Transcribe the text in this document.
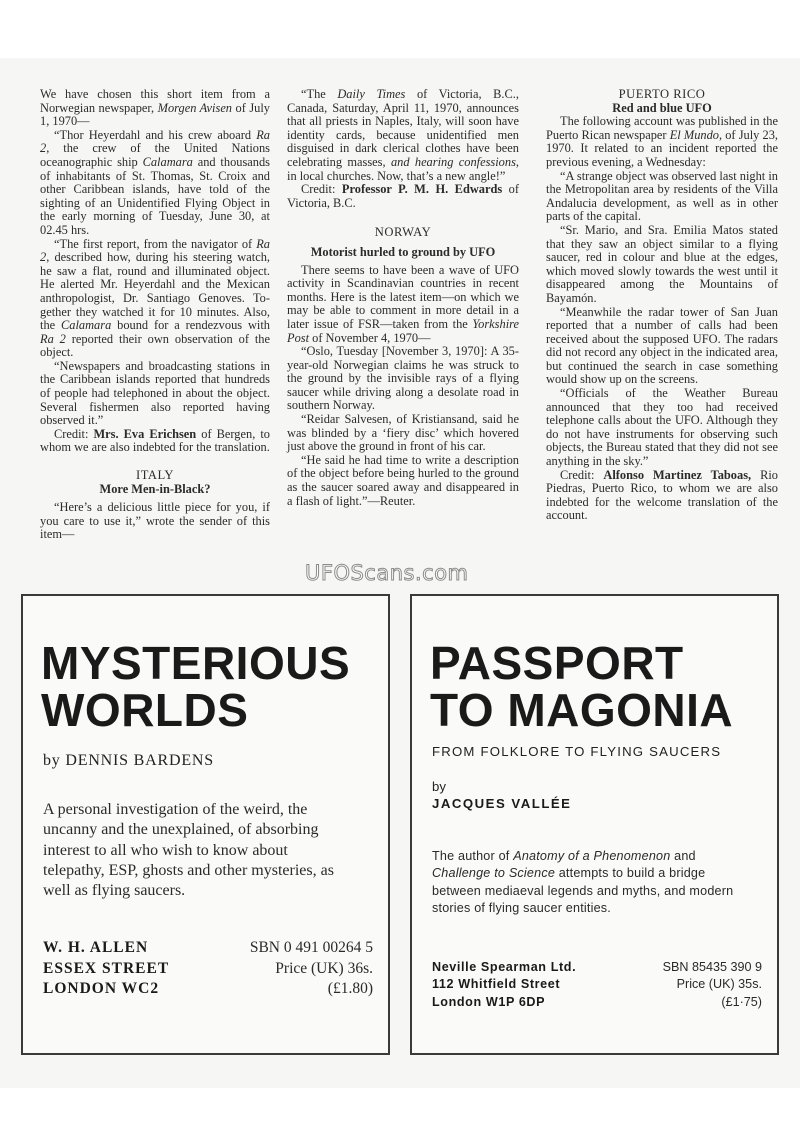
We have chosen this short item from a Norwegian newspaper, Morgen Avisen of July 1, 1970—

“Thor Heyerdahl and his crew aboard Ra 2, the crew of the United Nations oceanographic ship Calamara and thousands of inhabitants of St. Thomas, St. Croix and other Caribbean islands, have told of the sighting of an Unidentified Flying Object in the early morning of Tuesday, June 30, at 02.45 hrs.

“The first report, from the navigator of Ra 2, described how, during his steering watch, he saw a flat, round and illuminated object. He alerted Mr. Heyerdahl and the Mexican anthropologist, Dr. Santiago Genoves. Together they watched it for 10 minutes. Also, the Calamara bound for a rendezvous with Ra 2 reported their own observation of the object.

“Newspapers and broadcasting stations in the Caribbean islands reported that hundreds of people had telephoned in about the object. Several fishermen also reported having observed it.”

Credit: Mrs. Eva Erichsen of Bergen, to whom we are also indebted for the translation.

ITALY

More Men-in-Black?

“Here’s a delicious little piece for you, if you care to use it,” wrote the sender of this item—

“The Daily Times of Victoria, B.C., Canada, Saturday, April 11, 1970, announces that all priests in Naples, Italy, will soon have identity cards, because unidentified men disguised in dark clerical clothes have been celebrating masses, and hearing confessions, in local churches. Now, that’s a new angle!”

Credit: Professor P. M. H. Edwards of Victoria, B.C.

NORWAY

Motorist hurled to ground by UFO

There seems to have been a wave of UFO activity in Scandinavian countries in recent months. Here is the latest item—on which we may be able to comment in more detail in a later issue of FSR—taken from the Yorkshire Post of November 4, 1970—

“Oslo, Tuesday [November 3, 1970]: A 35-year-old Norwegian claims he was struck to the ground by the invisible rays of a flying saucer while driving along a desolate road in southern Norway.

“Reidar Salvesen, of Kristiansand, said he was blinded by a ‘fiery disc’ which hovered just above the ground in front of his car.

“He said he had time to write a description of the object before being hurled to the ground as the saucer soared away and disappeared in a flash of light.”—Reuter.

PUERTO RICO

Red and blue UFO

The following account was published in the Puerto Rican newspaper El Mundo, of July 23, 1970. It related to an incident reported the previous evening, a Wednesday:

“A strange object was observed last night in the Metropolitan area by residents of the Villa Andalucia development, as well as in other parts of the capital.

“Sr. Mario, and Sra. Emilia Matos stated that they saw an object similar to a flying saucer, red in colour and blue at the edges, which moved slowly towards the west until it disappeared among the Mountains of Bayamón.

“Meanwhile the radar tower of San Juan reported that a number of calls had been received about the supposed UFO. The radars did not record any object in the indicated area, but continued the search in case something would show up on the screens.

“Officials of the Weather Bureau announced that they too had received telephone calls about the UFO. Although they do not have instruments for observing such objects, the Bureau stated that they did not see anything in the sky.”

Credit: Alfonso Martinez Taboas, Rio Piedras, Puerto Rico, to whom we are also indebted for the welcome translation of the account.

UFOScans.com
MYSTERIOUS
WORLDS
by DENNIS BARDENS
A personal investigation of the weird, the uncanny and the unexplained, of absorbing interest to all who wish to know about telepathy, ESP, ghosts and other mysteries, as well as flying saucers.
W. H. ALLEN	SBN 0 491 00264 5
ESSEX STREET	Price (UK) 36s.
LONDON WC2	(£1.80)
PASSPORT
TO MAGONIA
FROM FOLKLORE TO FLYING SAUCERS
by
JACQUES VALLÉE
The author of Anatomy of a Phenomenon and Challenge to Science attempts to build a bridge between mediaeval legends and myths, and modern stories of flying saucer entities.
Neville Spearman Ltd.	SBN 85435 390 9
112 Whitfield Street	Price (UK) 35s.
London W1P 6DP	(£1·75)
